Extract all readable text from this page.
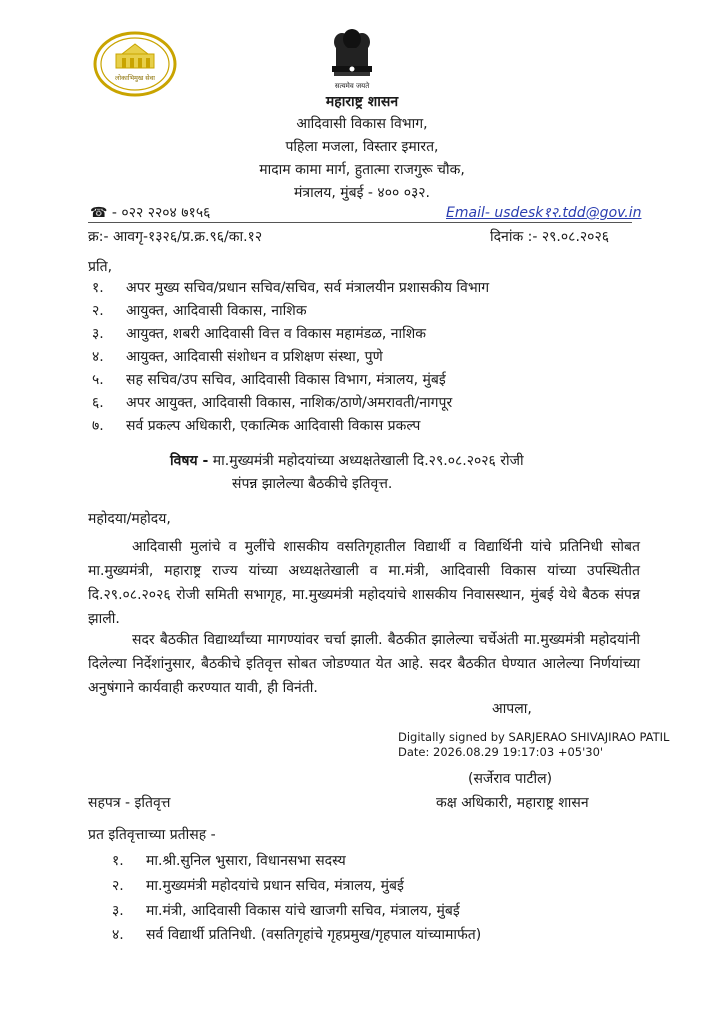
लोकाभिमुख सेवा
सत्यमेव जयते
महाराष्ट्र शासन
आदिवासी विकास विभाग,
पहिला मजला, विस्तार इमारत,
मादाम कामा मार्ग, हुतात्मा राजगुरू चौक,
मंत्रालय, मुंबई - ४०० ०३२.
☎ - ०२२ २२०४ ७१५६	Email- usdesk१२.tdd@gov.in
क्र:- आवगृ-१३२६/प्र.क्र.९६/का.१२	दिनांक :- २९.०८.२०२६
प्रति,
१. अपर मुख्य सचिव/प्रधान सचिव/सचिव, सर्व मंत्रालयीन प्रशासकीय विभाग
२. आयुक्त, आदिवासी विकास, नाशिक
३. आयुक्त, शबरी आदिवासी वित्त व विकास महामंडळ, नाशिक
४. आयुक्त, आदिवासी संशोधन व प्रशिक्षण संस्था, पुणे
५. सह सचिव/उप सचिव, आदिवासी विकास विभाग, मंत्रालय, मुंबई
६. अपर आयुक्त, आदिवासी विकास, नाशिक/ठाणे/अमरावती/नागपूर
७. सर्व प्रकल्प अधिकारी, एकात्मिक आदिवासी विकास प्रकल्प
विषय - मा.मुख्यमंत्री महोदयांच्या अध्यक्षतेखाली दि.२९.०८.२०२६ रोजी
संपन्न झालेल्या बैठकीचे इतिवृत्त.
महोदया/महोदय,
आदिवासी मुलांचे व मुलींचे शासकीय वसतिगृहातील विद्यार्थी व विद्यार्थिनी यांचे प्रतिनिधी सोबत मा.मुख्यमंत्री, महाराष्ट्र राज्य यांच्या अध्यक्षतेखाली व मा.मंत्री, आदिवासी विकास यांच्या उपस्थितीत दि.२९.०८.२०२६ रोजी समिती सभागृह, मा.मुख्यमंत्री महोदयांचे शासकीय निवासस्थान, मुंबई येथे बैठक संपन्न झाली.
सदर बैठकीत विद्यार्थ्यांच्या मागण्यांवर चर्चा झाली. बैठकीत झालेल्या चर्चेअंती मा.मुख्यमंत्री महोदयांनी दिलेल्या निर्देशांनुसार, बैठकीचे इतिवृत्त सोबत जोडण्यात येत आहे. सदर बैठकीत घेण्यात आलेल्या निर्णयांच्या अनुषंगाने कार्यवाही करण्यात यावी, ही विनंती.
आपला,
Digitally signed by SARJERAO SHIVAJIRAO PATIL
Date: 2026.08.29 19:17:03 +05'30'
(सर्जेराव पाटील)
सहपत्र - इतिवृत्त	कक्ष अधिकारी, महाराष्ट्र शासन
प्रत इतिवृत्ताच्या प्रतीसह -
१. मा.श्री.सुनिल भुसारा, विधानसभा सदस्य
२. मा.मुख्यमंत्री महोदयांचे प्रधान सचिव, मंत्रालय, मुंबई
३. मा.मंत्री, आदिवासी विकास यांचे खाजगी सचिव, मंत्रालय, मुंबई
४. सर्व विद्यार्थी प्रतिनिधी. (वसतिगृहांचे गृहप्रमुख/गृहपाल यांच्यामार्फत)
